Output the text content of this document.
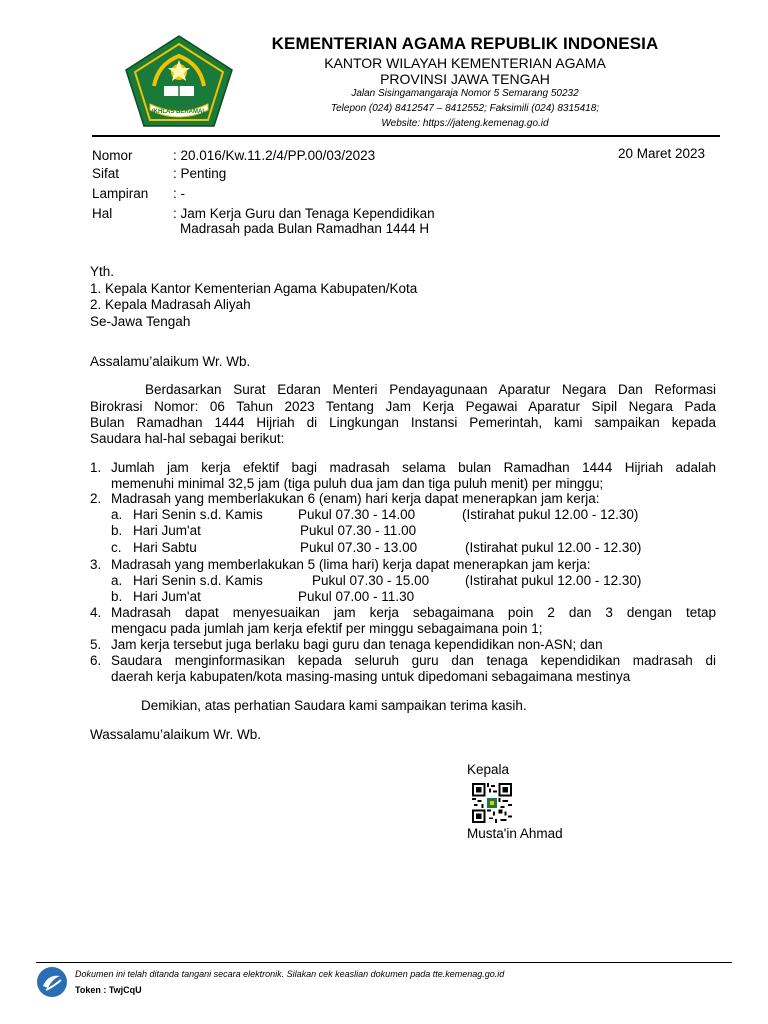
IKHLAS BERAMAL
KEMENTERIAN AGAMA REPUBLIK INDONESIA
KANTOR WILAYAH KEMENTERIAN AGAMA
PROVINSI JAWA TENGAH
Jalan Sisingamangaraja Nomor 5 Semarang 50232
Telepon (024) 8412547 – 8412552; Faksimili (024) 8315418;
Website: https://jateng.kemenag.go.id
20 Maret 2023
Nomor	: 20.016/Kw.11.2/4/PP.00/03/2023
Sifat	: Penting
Lampiran : -
Hal	: Jam Kerja Guru dan Tenaga Kependidikan
Madrasah pada Bulan Ramadhan 1444 H
Yth.
1. Kepala Kantor Kementerian Agama Kabupaten/Kota
2. Kepala Madrasah Aliyah
Se-Jawa Tengah
Assalamu’alaikum Wr. Wb.
Berdasarkan Surat Edaran Menteri Pendayagunaan Aparatur Negara Dan Reformasi
Birokrasi Nomor: 06 Tahun 2023 Tentang Jam Kerja Pegawai Aparatur Sipil Negara Pada
Bulan Ramadhan 1444 Hijriah di Lingkungan Instansi Pemerintah, kami sampaikan kepada
Saudara hal-hal sebagai berikut:
1. Jumlah jam kerja efektif bagi madrasah selama bulan Ramadhan 1444 Hijriah adalah
memenuhi minimal 32,5 jam (tiga puluh dua jam dan tiga puluh menit) per minggu;
2. Madrasah yang memberlakukan 6 (enam) hari kerja dapat menerapkan jam kerja:
a. Hari Senin s.d. Kamis	Pukul 07.30 - 14.00	(Istirahat pukul 12.00 - 12.30)
b. Hari Jum'at	Pukul 07.30 - 11.00
c. Hari Sabtu	Pukul 07.30 - 13.00	(Istirahat pukul 12.00 - 12.30)
3. Madrasah yang memberlakukan 5 (lima hari) kerja dapat menerapkan jam kerja:
a. Hari Senin s.d. Kamis	Pukul 07.30 - 15.00	(Istirahat pukul 12.00 - 12.30)
b. Hari Jum'at	Pukul 07.00 - 11.30
4. Madrasah dapat menyesuaikan jam kerja sebagaimana poin 2 dan 3 dengan tetap
mengacu pada jumlah jam kerja efektif per minggu sebagaimana poin 1;
5. Jam kerja tersebut juga berlaku bagi guru dan tenaga kependidikan non-ASN; dan
6. Saudara menginformasikan kepada seluruh guru dan tenaga kependidikan madrasah di
daerah kerja kabupaten/kota masing-masing untuk dipedomani sebagaimana mestinya
Demikian, atas perhatian Saudara kami sampaikan terima kasih.
Wassalamu’alaikum Wr. Wb.
Kepala
Musta'in Ahmad
Dokumen ini telah ditanda tangani secara elektronik. Silakan cek keaslian dokumen pada tte.kemenag.go.id
Token : TwjCqU
